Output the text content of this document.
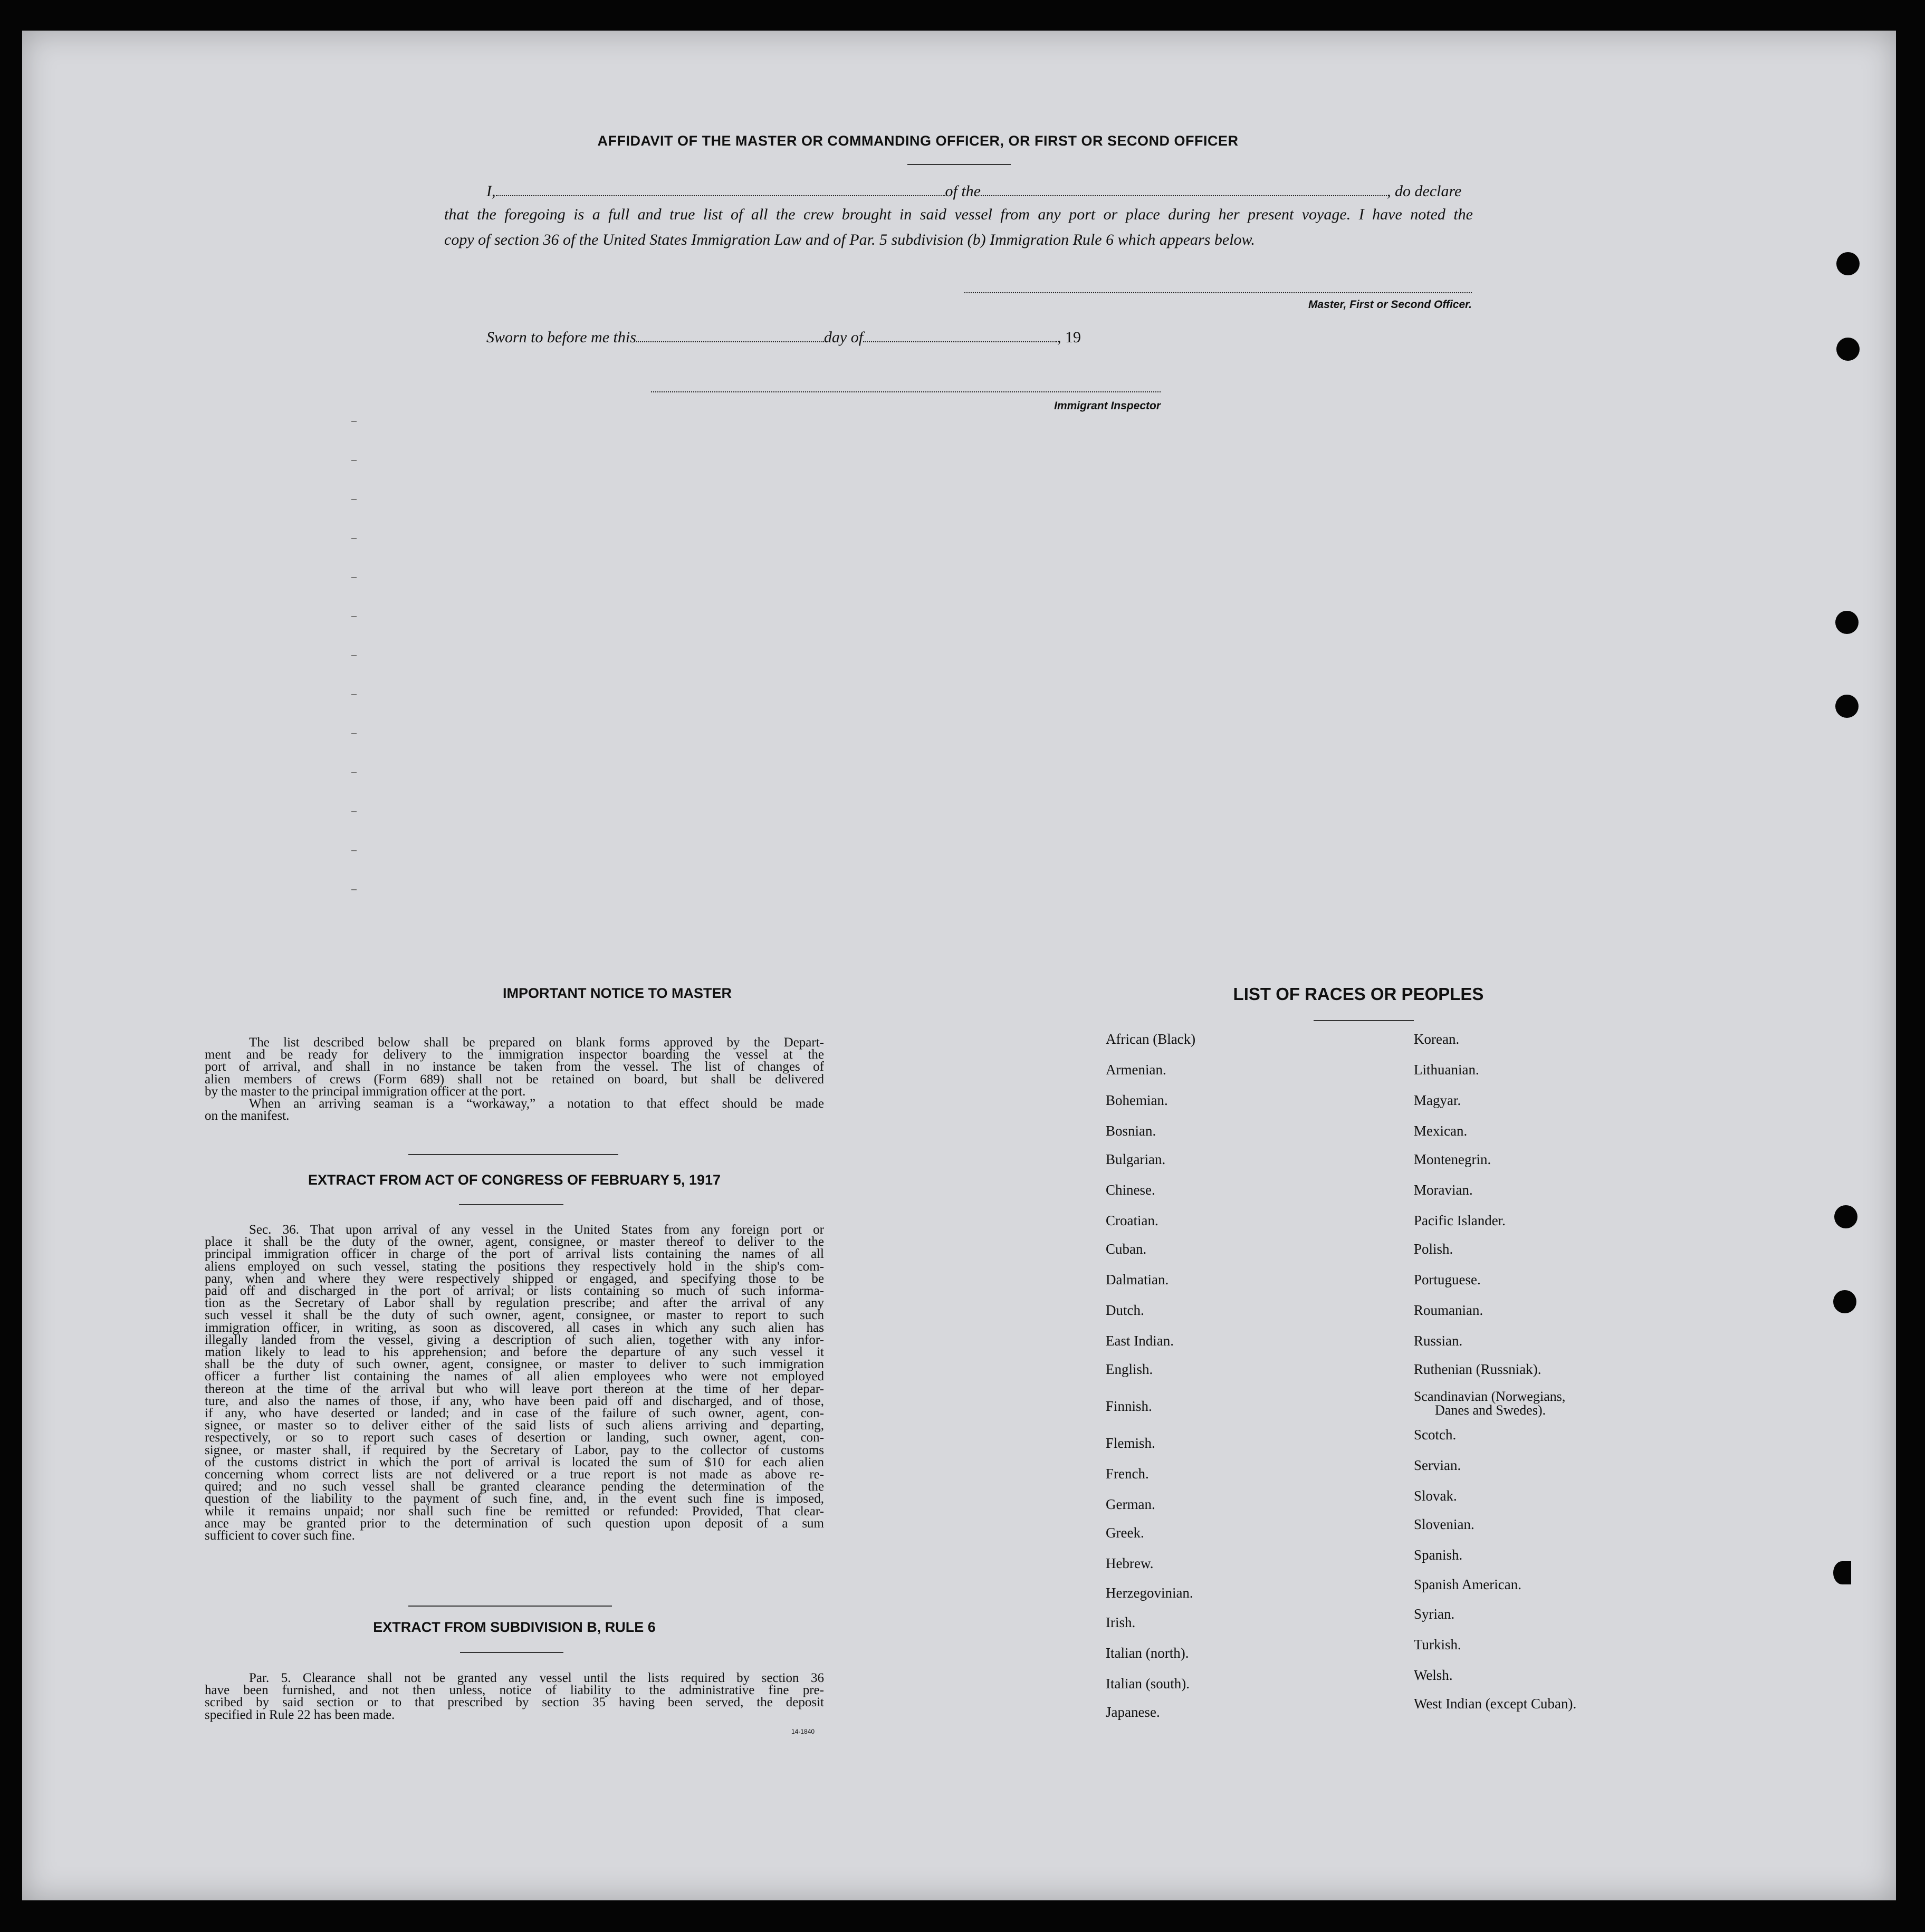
AFFIDAVIT OF THE MASTER OR COMMANDING OFFICER, OR FIRST OR SECOND OFFICER
I,	of the	, do declare
that the foregoing is a full and true list of all the crew brought in said vessel from any port or place during her present voyage. I have noted the
copy of section 36 of the United States Immigration Law and of Par. 5 subdivision (b) Immigration Rule 6 which appears below.
Master, First or Second Officer.
Sworn to before me this	day of	, 19
Immigrant Inspector
IMPORTANT NOTICE TO MASTER
The list described below shall be prepared on blank forms approved by the Depart-
ment and be ready for delivery to the immigration inspector boarding the vessel at the
port of arrival, and shall in no instance be taken from the vessel. The list of changes of
alien members of crews (Form 689) shall not be retained on board, but shall be delivered
by the master to the principal immigration officer at the port.
When an arriving seaman is a “workaway,” a notation to that effect should be made
on the manifest.
EXTRACT FROM ACT OF CONGRESS OF FEBRUARY 5, 1917
Sec. 36. That upon arrival of any vessel in the United States from any foreign port or
place it shall be the duty of the owner, agent, consignee, or master thereof to deliver to the
principal immigration officer in charge of the port of arrival lists containing the names of all
aliens employed on such vessel, stating the positions they respectively hold in the ship's com-
pany, when and where they were respectively shipped or engaged, and specifying those to be
paid off and discharged in the port of arrival; or lists containing so much of such informa-
tion as the Secretary of Labor shall by regulation prescribe; and after the arrival of any
such vessel it shall be the duty of such owner, agent, consignee, or master to report to such
immigration officer, in writing, as soon as discovered, all cases in which any such alien has
illegally landed from the vessel, giving a description of such alien, together with any infor-
mation likely to lead to his apprehension; and before the departure of any such vessel it
shall be the duty of such owner, agent, consignee, or master to deliver to such immigration
officer a further list containing the names of all alien employees who were not employed
thereon at the time of the arrival but who will leave port thereon at the time of her depar-
ture, and also the names of those, if any, who have been paid off and discharged, and of those,
if any, who have deserted or landed; and in case of the failure of such owner, agent, con-
signee, or master so to deliver either of the said lists of such aliens arriving and departing,
respectively, or so to report such cases of desertion or landing, such owner, agent, con-
signee, or master shall, if required by the Secretary of Labor, pay to the collector of customs
of the customs district in which the port of arrival is located the sum of $10 for each alien
concerning whom correct lists are not delivered or a true report is not made as above re-
quired; and no such vessel shall be granted clearance pending the determination of the
question of the liability to the payment of such fine, and, in the event such fine is imposed,
while it remains unpaid; nor shall such fine be remitted or refunded: Provided, That clear-
ance may be granted prior to the determination of such question upon deposit of a sum
sufficient to cover such fine.
EXTRACT FROM SUBDIVISION B, RULE 6
Par. 5. Clearance shall not be granted any vessel until the lists required by section 36
have been furnished, and not then unless, notice of liability to the administrative fine pre-
scribed by said section or to that prescribed by section 35 having been served, the deposit
specified in Rule 22 has been made.
14-1840
LIST OF RACES OR PEOPLES
African (Black)
Armenian.
Bohemian.
Bosnian.
Bulgarian.
Chinese.
Croatian.
Cuban.
Dalmatian.
Dutch.
East Indian.
English.
Finnish.
Flemish.
French.
German.
Greek.
Hebrew.
Herzegovinian.
Irish.
Italian (north).
Italian (south).
Japanese.
Korean.
Lithuanian.
Magyar.
Mexican.
Montenegrin.
Moravian.
Pacific Islander.
Polish.
Portuguese.
Roumanian.
Russian.
Ruthenian (Russniak).
Scandinavian (Norwegians,
Danes and Swedes).
Scotch.
Servian.
Slovak.
Slovenian.
Spanish.
Spanish American.
Syrian.
Turkish.
Welsh.
West Indian (except Cuban).
